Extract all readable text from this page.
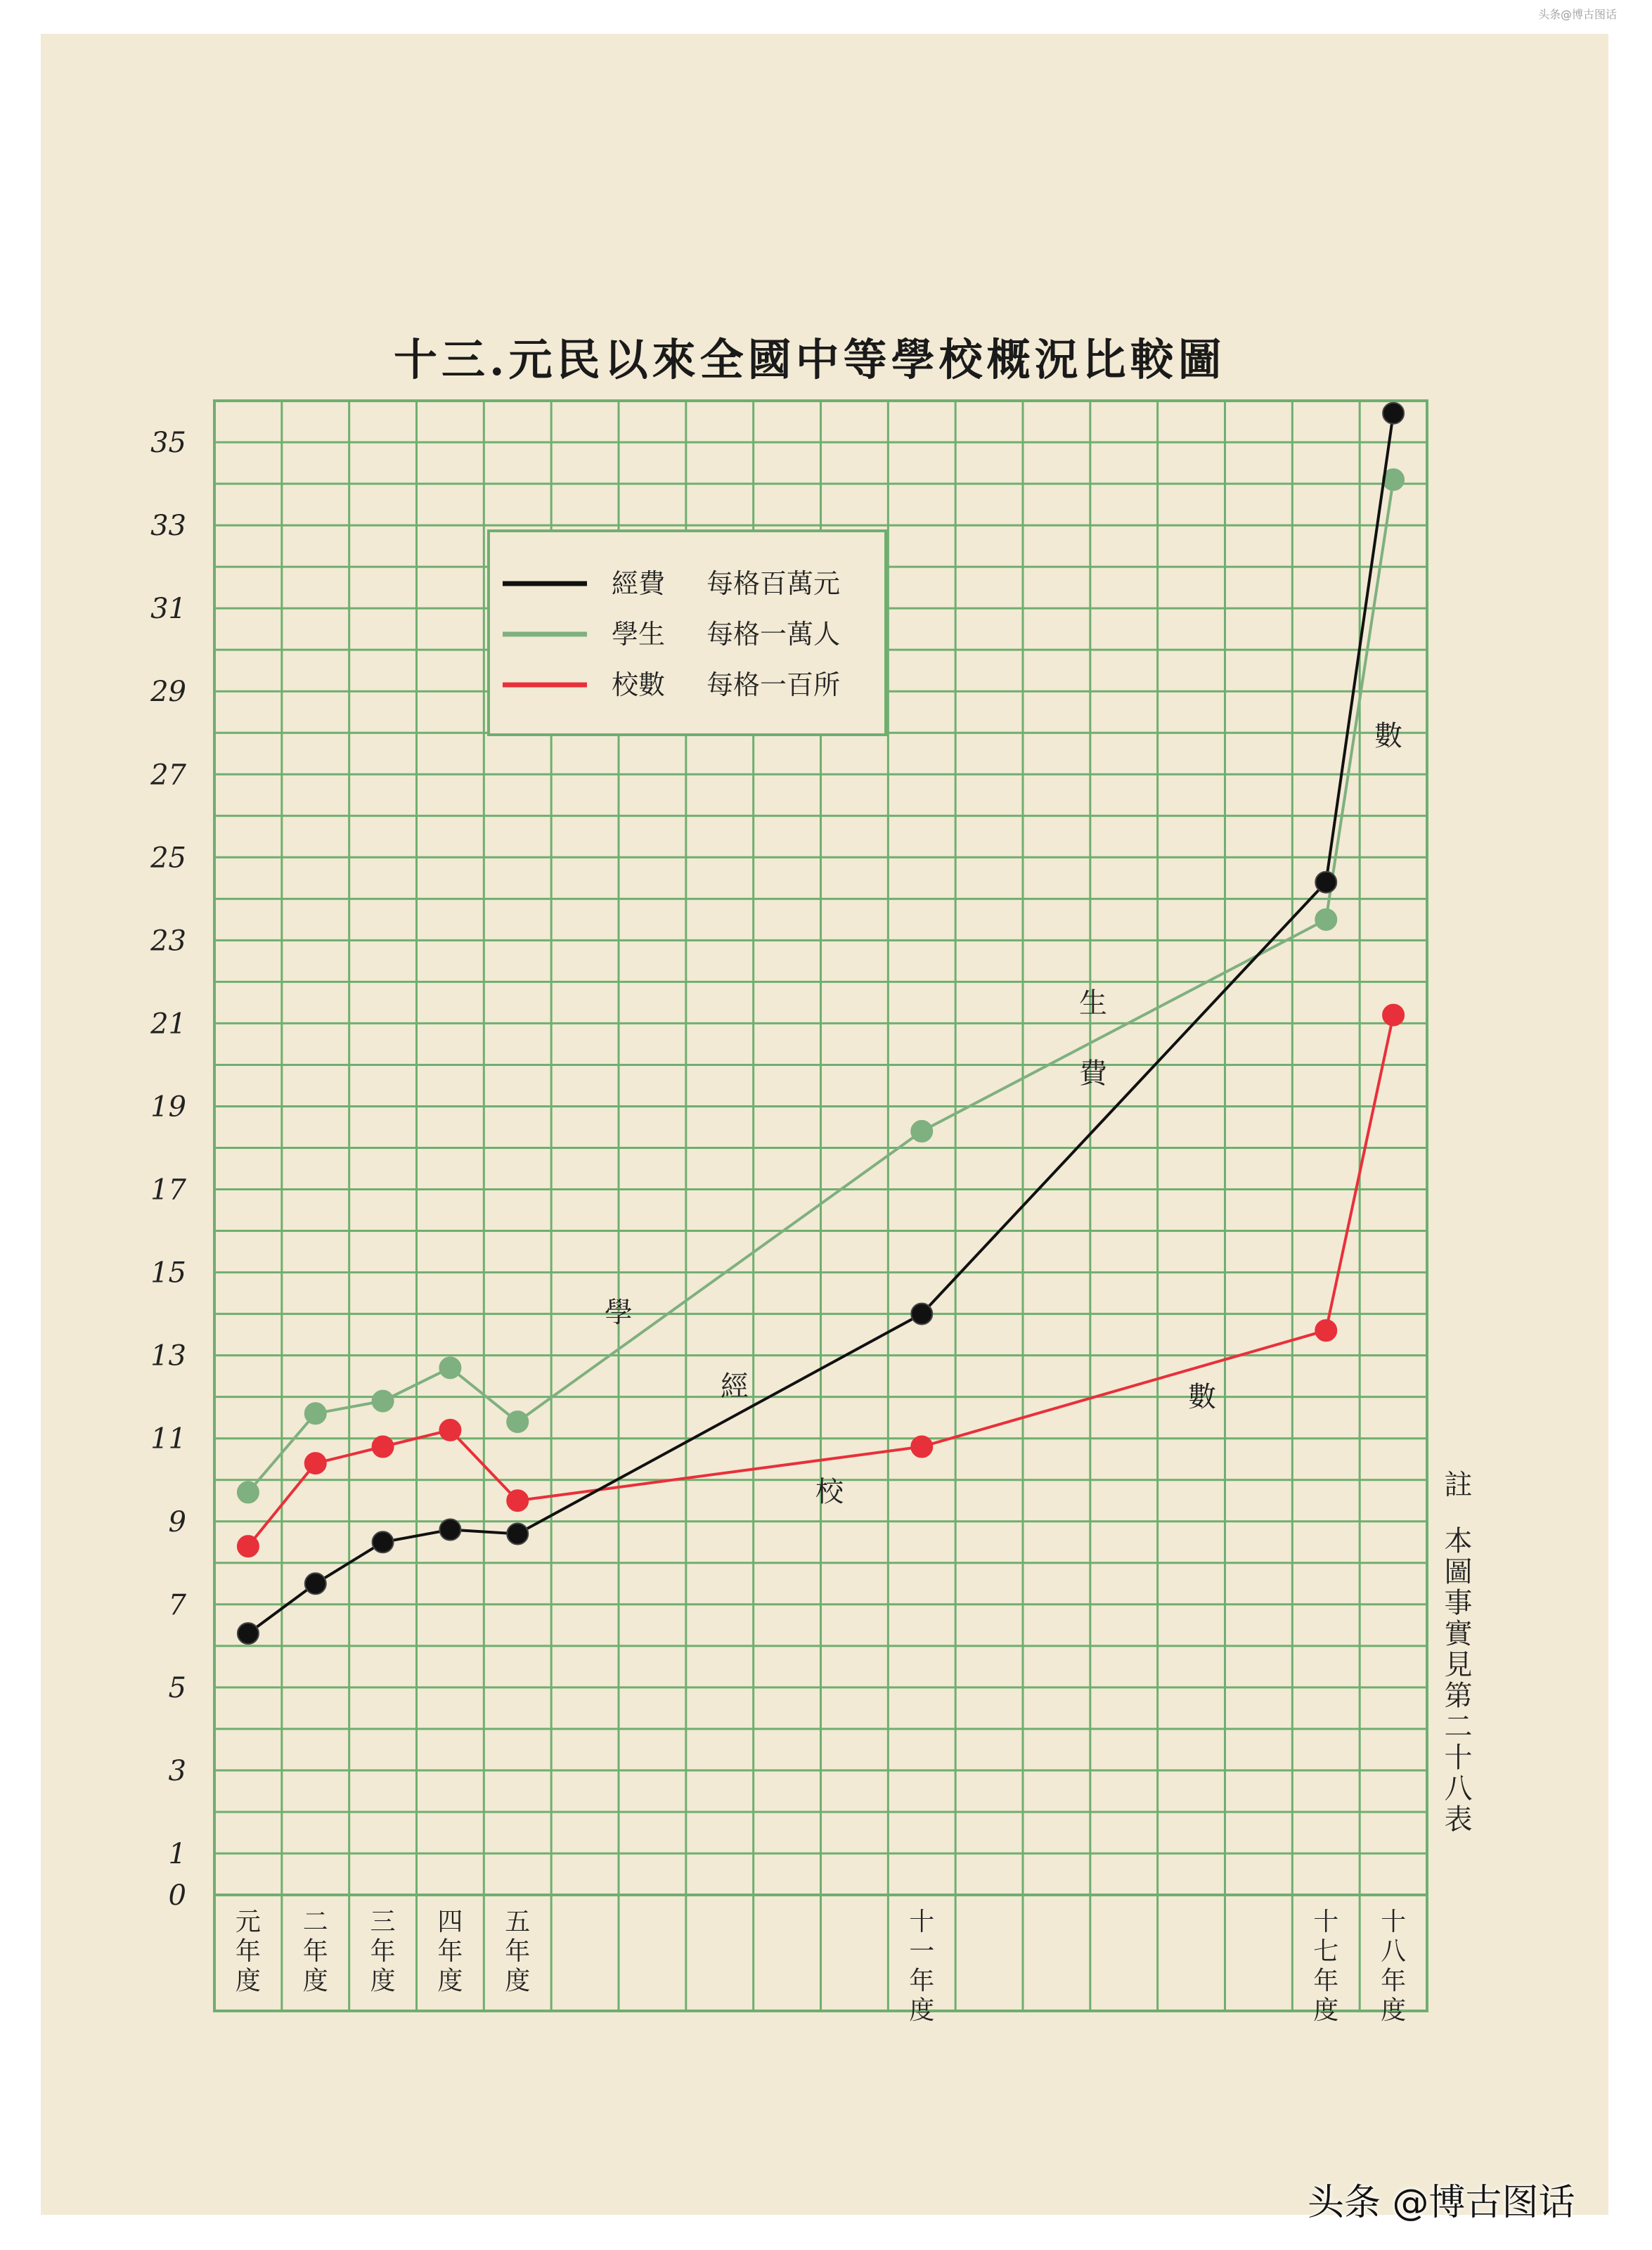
头条@博古图话
十三.元民以來全國中等學校概況比較圖
0
1
3
5
7
9
11
13
15
17
19
21
23
25
27
29
31
33
35
元年度
二年度
三年度
四年度
五年度
十一年度
十七年度
十八年度
經費 每格百萬元
學生 每格一萬人
校數 每格一百所
經
費
學
生
校
數
數
註
本圖事實見第二十八表
头条 @博古图话
